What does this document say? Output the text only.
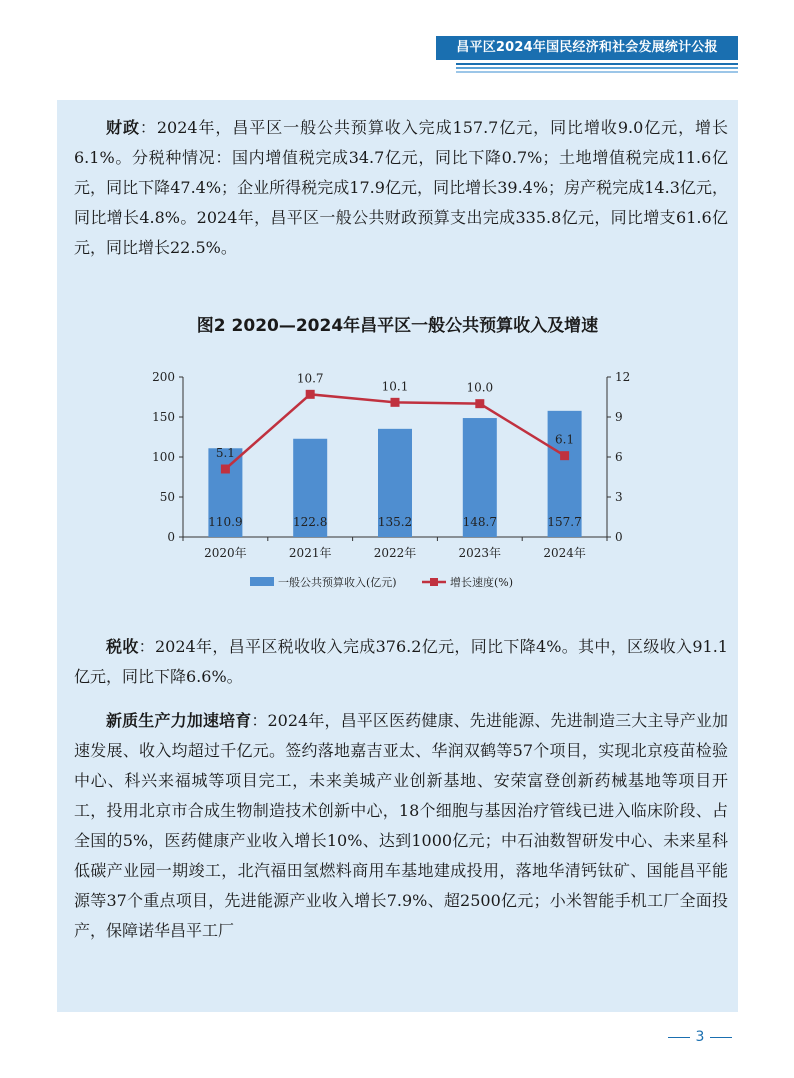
昌平区2024年国民经济和社会发展统计公报

财政：2024年，昌平区一般公共预算收入完成157.7亿元，同比增收9.0亿元，增长6.1%。分税种情况：国内增值税完成34.7亿元，同比下降0.7%；土地增值税完成11.6亿元，同比下降47.4%；企业所得税完成17.9亿元，同比增长39.4%；房产税完成14.3亿元，同比增长4.8%。2024年，昌平区一般公共财政预算支出完成335.8亿元，同比增支61.6亿元，同比增长22.5%。

图2 2020—2024年昌平区一般公共预算收入及增速
0
50
100
150
200
0
3
6
9
12
110.9
2020年
122.8
2021年
135.2
2022年
148.7
2023年
157.7
2024年
5.1
10.7
10.1	10.0
6.1
一般公共预算收入(亿元)	增长速度(%)

税收：2024年，昌平区税收收入完成376.2亿元，同比下降4%。其中，区级收入91.1亿元，同比下降6.6%。

新质生产力加速培育：2024年，昌平区医药健康、先进能源、先进制造三大主导产业加速发展、收入均超过千亿元。签约落地嘉吉亚太、华润双鹤等57个项目，实现北京疫苗检验中心、科兴来福城等项目完工，未来美城产业创新基地、安荣富登创新药械基地等项目开工，投用北京市合成生物制造技术创新中心，18个细胞与基因治疗管线已进入临床阶段、占全国的5%，医药健康产业收入增长10%、达到1000亿元；中石油数智研发中心、未来星科低碳产业园一期竣工，北汽福田氢燃料商用车基地建成投用，落地华清钙钛矿、国能昌平能源等37个重点项目，先进能源产业收入增长7.9%、超2500亿元；小米智能手机工厂全面投产，保障诺华昌平工厂

3
